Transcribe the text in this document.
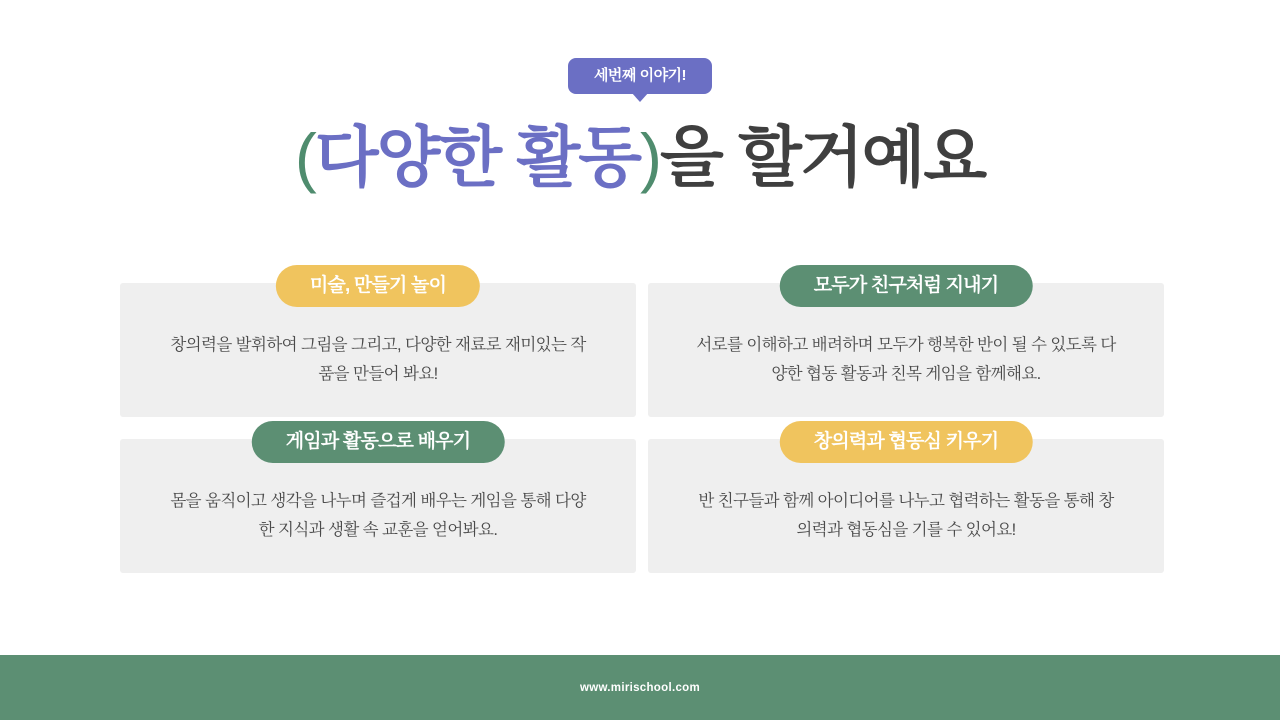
세번째 이야기!
(다양한 활동)을 할거예요
미술, 만들기 놀이
창의력을 발휘하여 그림을 그리고, 다양한 재료로 재미있는 작품을 만들어 봐요!
모두가 친구처럼 지내기
서로를 이해하고 배려하며 모두가 행복한 반이 될 수 있도록 다양한 협동 활동과 친목 게임을 함께해요.
게임과 활동으로 배우기
몸을 움직이고 생각을 나누며 즐겁게 배우는 게임을 통해 다양한 지식과 생활 속 교훈을 얻어봐요.
창의력과 협동심 키우기
반 친구들과 함께 아이디어를 나누고 협력하는 활동을 통해 창의력과 협동심을 기를 수 있어요!
www.mirischool.com
